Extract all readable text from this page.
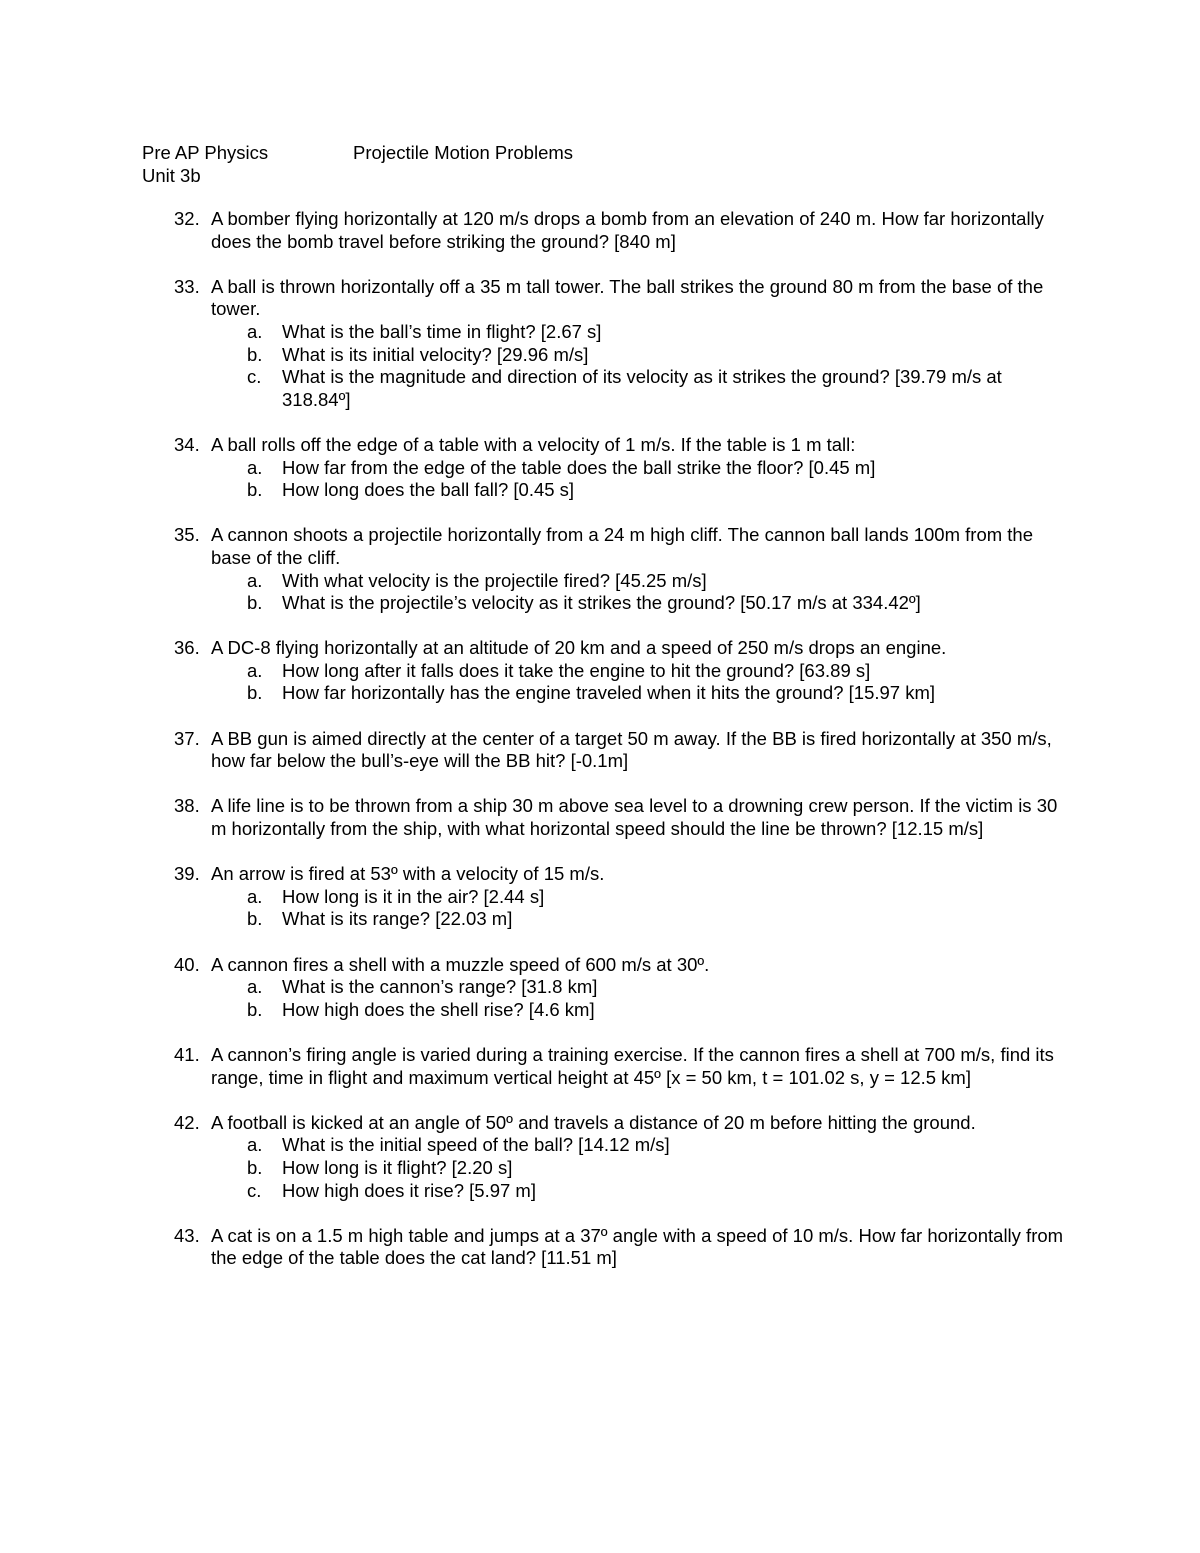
Pre AP Physics	Projectile Motion Problems
Unit 3b
32. A bomber flying horizontally at 120 m/s drops a bomb from an elevation of 240 m. How far horizontally does the bomb travel before striking the ground? [840 m]
33. A ball is thrown horizontally off a 35 m tall tower. The ball strikes the ground 80 m from the base of the tower.
a.	What is the ball’s time in flight? [2.67 s]
b.	What is its initial velocity? [29.96 m/s]
c.	What is the magnitude and direction of its velocity as it strikes the ground? [39.79 m/s at 318.84º]
34. A ball rolls off the edge of a table with a velocity of 1 m/s. If the table is 1 m tall:
a.	How far from the edge of the table does the ball strike the floor? [0.45 m]
b.	How long does the ball fall? [0.45 s]
35. A cannon shoots a projectile horizontally from a 24 m high cliff. The cannon ball lands 100m from the base of the cliff.
a.	With what velocity is the projectile fired? [45.25 m/s]
b.	What is the projectile’s velocity as it strikes the ground? [50.17 m/s at 334.42º]
36. A DC-8 flying horizontally at an altitude of 20 km and a speed of 250 m/s drops an engine.
a.	How long after it falls does it take the engine to hit the ground? [63.89 s]
b.	How far horizontally has the engine traveled when it hits the ground? [15.97 km]
37. A BB gun is aimed directly at the center of a target 50 m away. If the BB is fired horizontally at 350 m/s, how far below the bull’s-eye will the BB hit? [-0.1m]
38. A life line is to be thrown from a ship 30 m above sea level to a drowning crew person. If the victim is 30 m horizontally from the ship, with what horizontal speed should the line be thrown? [12.15 m/s]
39. An arrow is fired at 53º with a velocity of 15 m/s.
a.	How long is it in the air? [2.44 s]
b.	What is its range? [22.03 m]
40. A cannon fires a shell with a muzzle speed of 600 m/s at 30º.
a.	What is the cannon’s range? [31.8 km]
b.	How high does the shell rise? [4.6 km]
41. A cannon’s firing angle is varied during a training exercise. If the cannon fires a shell at 700 m/s, find its range, time in flight and maximum vertical height at 45º [x = 50 km, t = 101.02 s, y = 12.5 km]
42. A football is kicked at an angle of 50º and travels a distance of 20 m before hitting the ground.
a.	What is the initial speed of the ball? [14.12 m/s]
b.	How long is it flight? [2.20 s]
c.	How high does it rise? [5.97 m]
43. A cat is on a 1.5 m high table and jumps at a 37º angle with a speed of 10 m/s. How far horizontally from the edge of the table does the cat land? [11.51 m]
